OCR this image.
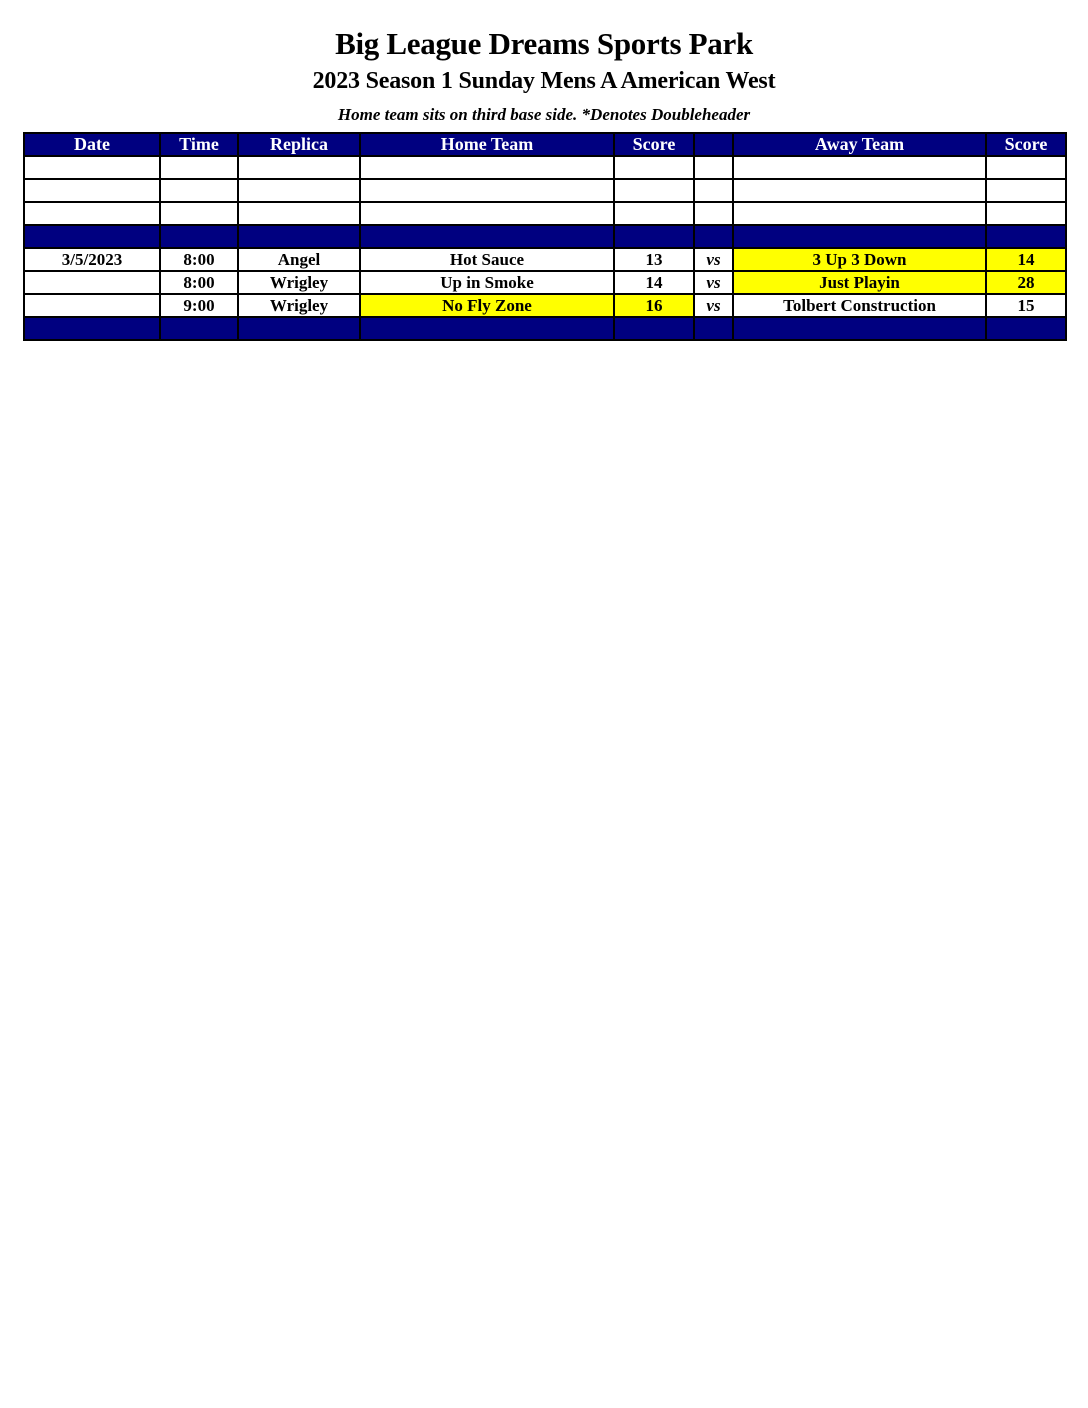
Big League Dreams Sports Park
2023 Season 1 Sunday Mens A American West
Home team sits on third base side. *Denotes Doubleheader
Date	Time	Replica	Home Team	Score		Away Team	Score

3/5/2023	8:00	Angel	Hot Sauce	13	vs	3 Up 3 Down	14
	8:00	Wrigley	Up in Smoke	14	vs	Just Playin	28
	9:00	Wrigley	No Fly Zone	16	vs	Tolbert Construction	15
